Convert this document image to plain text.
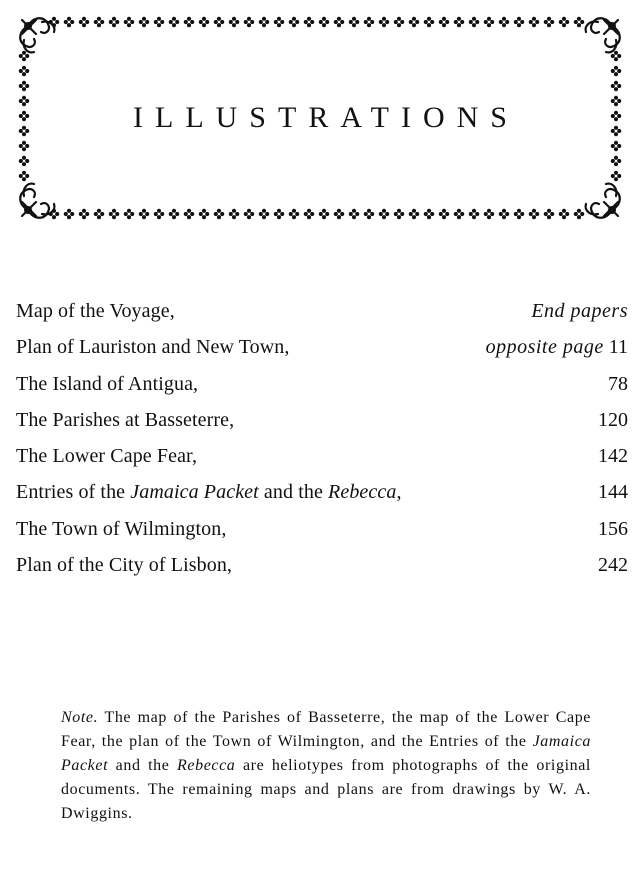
ILLUSTRATIONS
Map of the Voyage,	End papers
Plan of Lauriston and New Town,	opposite page 11
The Island of Antigua,	78
The Parishes at Basseterre,	120
The Lower Cape Fear,	142
Entries of the Jamaica Packet and the Rebecca,	144
The Town of Wilmington,	156
Plan of the City of Lisbon,	242
Note. The map of the Parishes of Basseterre, the map of the Lower Cape Fear, the plan of the Town of Wilmington, and the Entries of the Jamaica Packet and the Rebecca are heliotypes from photographs of the original documents. The remaining maps and plans are from drawings by W. A. Dwiggins.
